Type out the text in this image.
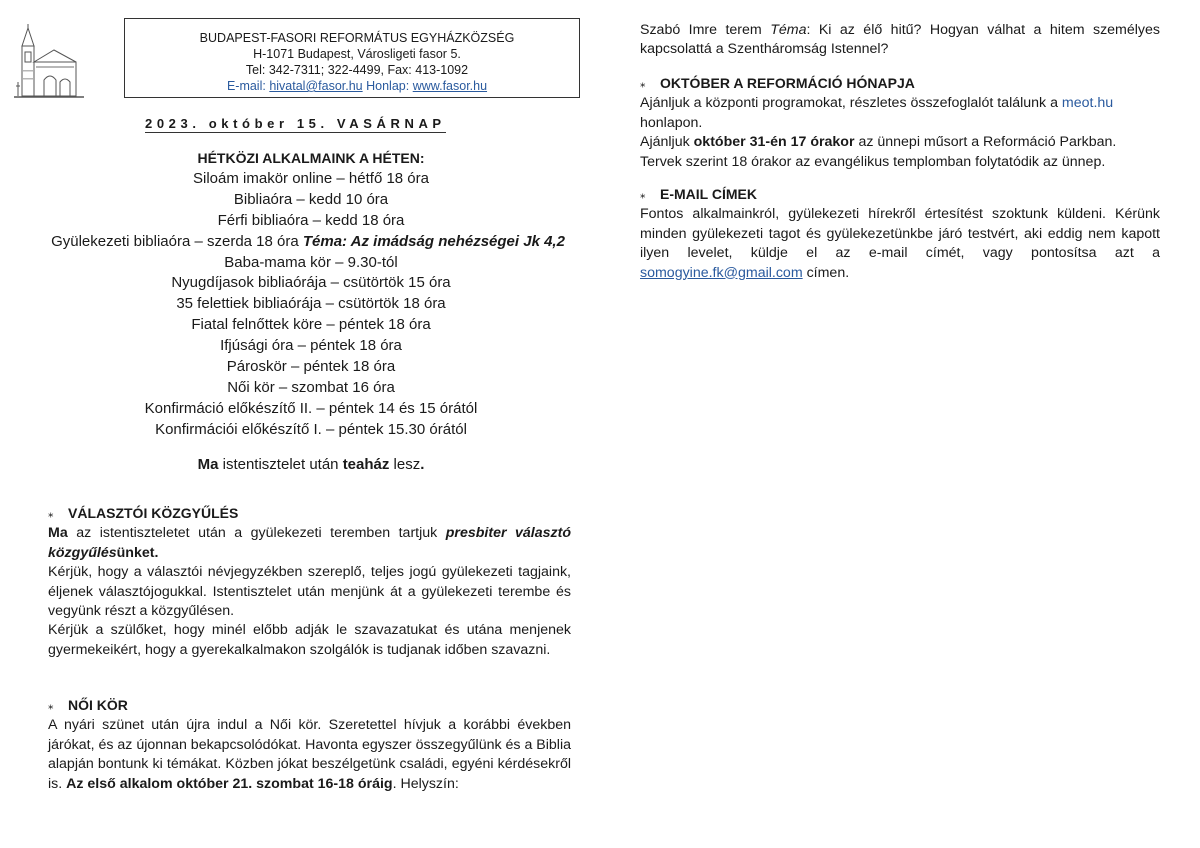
BUDAPEST-FASORI REFORMÁTUS EGYHÁZKÖZSÉG
H-1071 Budapest, Városligeti fasor 5.
Tel: 342-7311; 322-4499, Fax: 413-1092
E-mail: hivatal@fasor.hu Honlap: www.fasor.hu
2023. október 15. VASÁRNAP
HÉTKÖZI ALKALMAINK A HÉTEN:
Siloám imakör online – hétfő 18 óra
Bibliaóra – kedd 10 óra
Férfi bibliaóra – kedd 18 óra
Gyülekezeti bibliaóra – szerda 18 óra Téma: Az imádság nehézségei Jk 4,2
Baba-mama kör – 9.30-tól
Nyugdíjasok bibliaórája – csütörtök 15 óra
35 felettiek bibliaórája – csütörtök 18 óra
Fiatal felnőttek köre – péntek 18 óra
Ifjúsági óra – péntek 18 óra
Pároskör – péntek 18 óra
Női kör – szombat 16 óra
Konfirmáció előkészítő II. – péntek 14 és 15 órától
Konfirmációi előkészítő I. – péntek 15.30 órától
Ma istentisztelet után teaház lesz.
⁎ VÁLASZTÓI KÖZGYŰLÉS

Ma az istentiszteletet után a gyülekezeti teremben tartjuk presbiter választó közgyűlésünket.

Kérjük, hogy a választói névjegyzékben szereplő, teljes jogú gyülekezeti tagjaink, éljenek választójogukkal. Istentisztelet után menjünk át a gyülekezeti terembe és vegyünk részt a közgyűlésen.

Kérjük a szülőket, hogy minél előbb adják le szavazatukat és utána menjenek gyermekeikért, hogy a gyerekalkalmakon szolgálók is tudjanak időben szavazni.

⁎ NŐI KÖR

A nyári szünet után újra indul a Női kör. Szeretettel hívjuk a korábbi években járókat, és az újonnan bekapcsolódókat. Havonta egyszer összegyűlünk és a Biblia alapján bontunk ki témákat. Közben jókat beszélgetünk családi, egyéni kérdésekről is. Az első alkalom október 21. szombat 16-18 óráig. Helyszín:

Szabó Imre terem Téma: Ki az élő hitű? Hogyan válhat a hitem személyes kapcsolattá a Szentháromság Istennel?

⁎ OKTÓBER A REFORMÁCIÓ HÓNAPJA

Ajánljuk a központi programokat, részletes összefoglalót találunk a meot.hu
honlapon.

Ajánljuk október 31-én 17 órakor az ünnepi műsort a Reformáció Parkban.

Tervek szerint 18 órakor az evangélikus templomban folytatódik az ünnep.

⁎ E-MAIL CÍMEK

Fontos alkalmainkról, gyülekezeti hírekről értesítést szoktunk küldeni. Kérünk minden gyülekezeti tagot és gyülekezetünkbe járó testvért, aki eddig nem kapott ilyen levelet, küldje el az e-mail címét, vagy pontosítsa azt a somogyine.fk@gmail.com címen.
